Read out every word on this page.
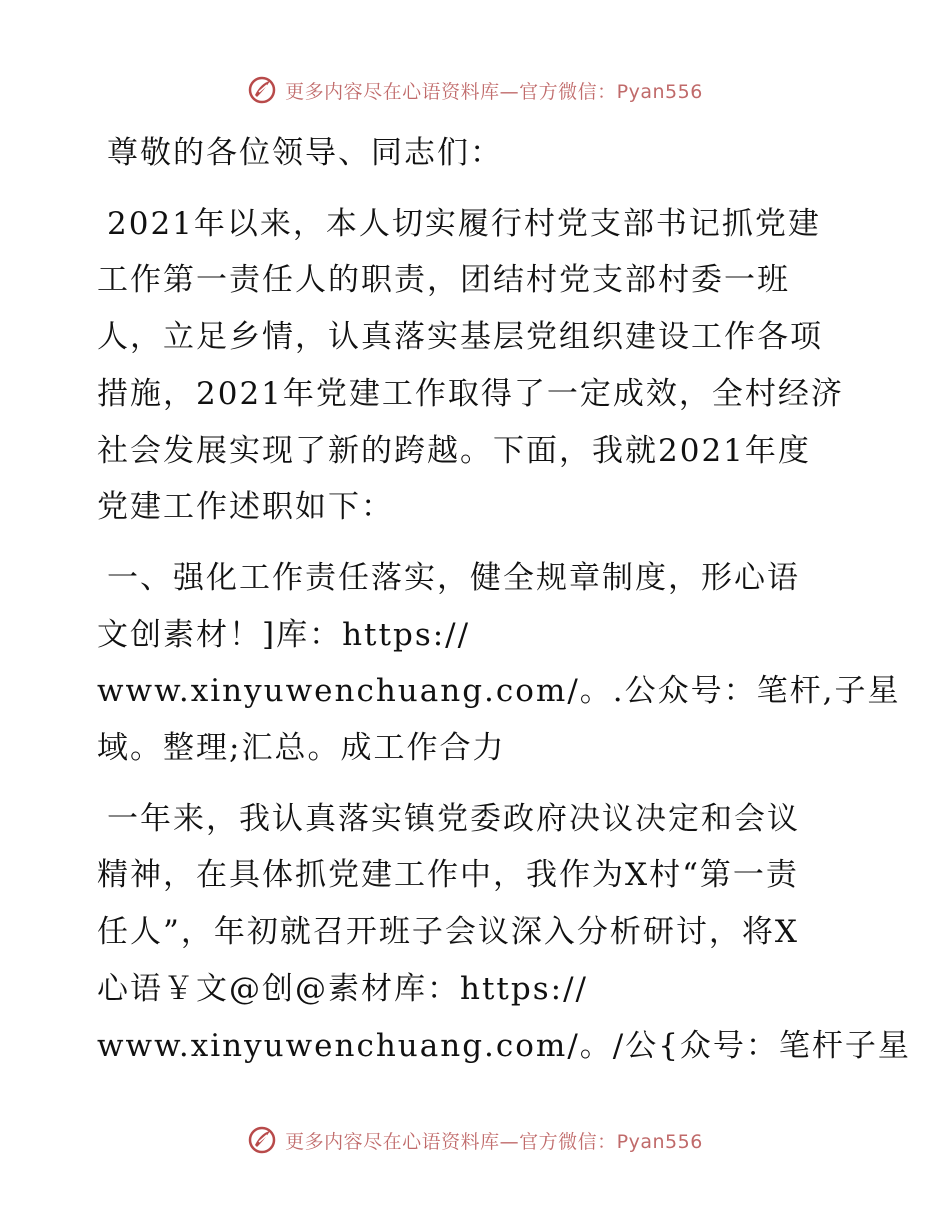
更多内容尽在心语资料库—官方微信：Pyan556

尊敬的各位领导、同志们：

2021年以来，本人切实履行村党支部书记抓党建
工作第一责任人的职责，团结村党支部村委一班
人，立足乡情，认真落实基层党组织建设工作各项
措施，2021年党建工作取得了一定成效，全村经济
社会发展实现了新的跨越。下面，我就2021年度
党建工作述职如下：

一、强化工作责任落实，健全规章制度，形心语
文创素材！]库：https://
www.xinyuwenchuang.com/。.公众号：笔杆,子星
域。整理;汇总。成工作合力

一年来，我认真落实镇党委政府决议决定和会议
精神，在具体抓党建工作中，我作为X村“第一责
任人”，年初就召开班子会议深入分析研讨，将X
心语￥文@创@素材库：https://
www.xinyuwenchuang.com/。/公{众号：笔杆子星

更多内容尽在心语资料库—官方微信：Pyan556
